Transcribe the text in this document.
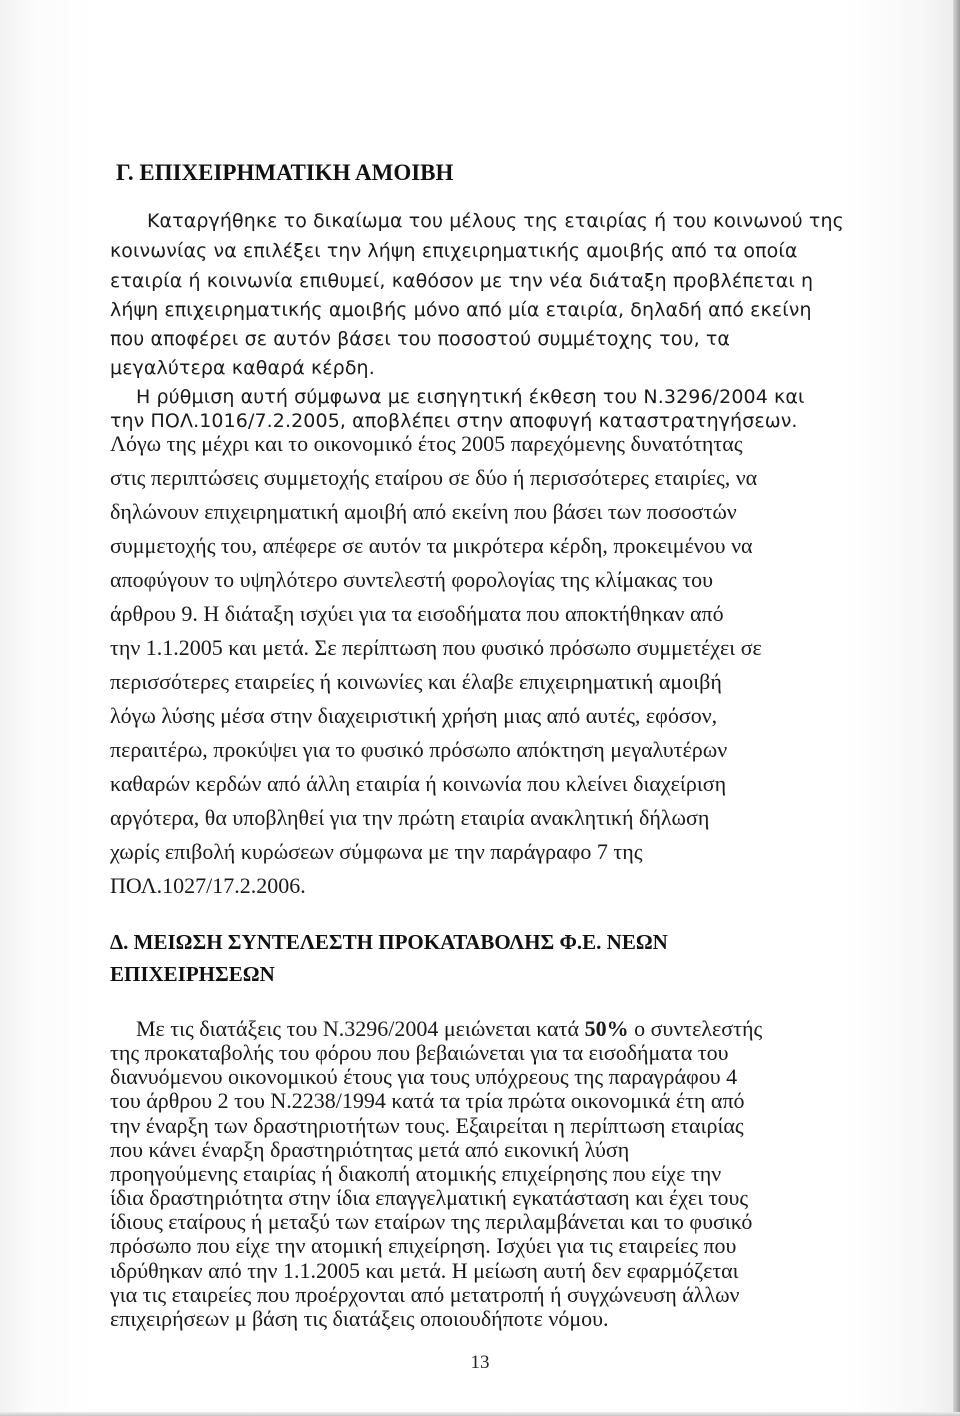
Γ. ΕΠΙΧΕΙΡΗΜΑΤΙΚΗ ΑΜΟΙΒΗ

Καταργήθηκε το δικαίωμα του μέλους της εταιρίας ή του κοινωνού της

κοινωνίας να επιλέξει την λήψη επιχειρηματικής αμοιβής από τα οποία

εταιρία ή κοινωνία επιθυμεί, καθόσον με την νέα διάταξη προβλέπεται η

λήψη επιχειρηματικής αμοιβής μόνο από μία εταιρία, δηλαδή από εκείνη

που αποφέρει σε αυτόν βάσει του ποσοστού συμμέτοχης του, τα

μεγαλύτερα καθαρά κέρδη.

Η ρύθμιση αυτή σύμφωνα με εισηγητική έκθεση του Ν.3296/2004 και

την ΠΟΛ.1016/7.2.2005, αποβλέπει στην αποφυγή καταστρατηγήσεων.

Λόγω της μέχρι και το οικονομικό έτος 2005 παρεχόμενης δυνατότητας

στις περιπτώσεις συμμετοχής εταίρου σε δύο ή περισσότερες εταιρίες, να

δηλώνουν επιχειρηματική αμοιβή από εκείνη που βάσει των ποσοστών

συμμετοχής του, απέφερε σε αυτόν τα μικρότερα κέρδη, προκειμένου να

αποφύγουν το υψηλότερο συντελεστή φορολογίας της κλίμακας του

άρθρου 9. Η διάταξη ισχύει για τα εισοδήματα που αποκτήθηκαν από

την 1.1.2005 και μετά. Σε περίπτωση που φυσικό πρόσωπο συμμετέχει σε

περισσότερες εταιρείες ή κοινωνίες και έλαβε επιχειρηματική αμοιβή

λόγω λύσης μέσα στην διαχειριστική χρήση μιας από αυτές, εφόσον,

περαιτέρω, προκύψει για το φυσικό πρόσωπο απόκτηση μεγαλυτέρων

καθαρών κερδών από άλλη εταιρία ή κοινωνία που κλείνει διαχείριση

αργότερα, θα υποβληθεί για την πρώτη εταιρία ανακλητική δήλωση

χωρίς επιβολή κυρώσεων σύμφωνα με την παράγραφο 7 της

ΠΟΛ.1027/17.2.2006.

Δ. ΜΕΙΩΣΗ ΣΥΝΤΕΛΕΣΤΗ ΠΡΟΚΑΤΑΒΟΛΗΣ Φ.Ε. ΝΕΩΝ
ΕΠΙΧΕΙΡΗΣΕΩΝ

Με τις διατάξεις του Ν.3296/2004 μειώνεται κατά 50% ο συντελεστής

της προκαταβολής του φόρου που βεβαιώνεται για τα εισοδήματα του

διανυόμενου οικονομικού έτους για τους υπόχρεους της παραγράφου 4

του άρθρου 2 του Ν.2238/1994 κατά τα τρία πρώτα οικονομικά έτη από

την έναρξη των δραστηριοτήτων τους. Εξαιρείται η περίπτωση εταιρίας

που κάνει έναρξη δραστηριότητας μετά από εικονική λύση

προηγούμενης εταιρίας ή διακοπή ατομικής επιχείρησης που είχε την

ίδια δραστηριότητα στην ίδια επαγγελματική εγκατάσταση και έχει τους

ίδιους εταίρους ή μεταξύ των εταίρων της περιλαμβάνεται και το φυσικό

πρόσωπο που είχε την ατομική επιχείρηση. Ισχύει για τις εταιρείες που

ιδρύθηκαν από την 1.1.2005 και μετά. Η μείωση αυτή δεν εφαρμόζεται

για τις εταιρείες που προέρχονται από μετατροπή ή συγχώνευση άλλων

επιχειρήσεων μ βάση τις διατάξεις οποιουδήποτε νόμου.

13
